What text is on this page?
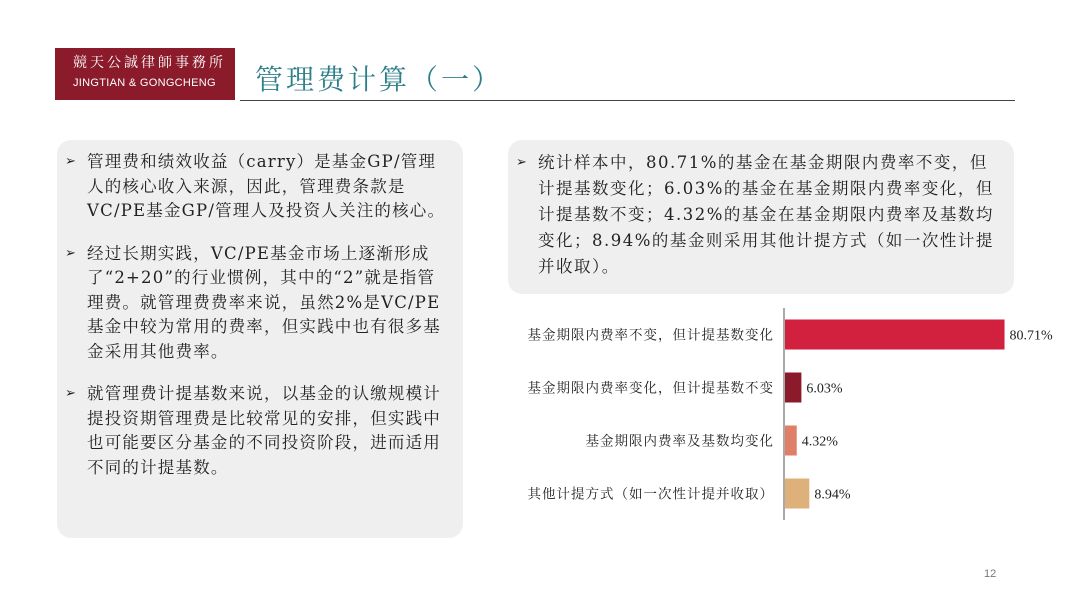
競天公誠律師事務所
JINGTIAN & GONGCHENG	管理费计算（一）
➢ 管理费和绩效收益（carry）是基金GP/管理人的核心收入来源，因此，管理费条款是VC/PE基金GP/管理人及投资人关注的核心。
➢ 经过长期实践，VC/PE基金市场上逐渐形成了“2+20”的行业惯例，其中的“2”就是指管理费。就管理费费率来说，虽然2%是VC/PE基金中较为常用的费率，但实践中也有很多基金采用其他费率。
➢ 就管理费计提基数来说，以基金的认缴规模计提投资期管理费是比较常见的安排，但实践中也可能要区分基金的不同投资阶段，进而适用不同的计提基数。
➢ 统计样本中，80.71%的基金在基金期限内费率不变，但计提基数变化；6.03%的基金在基金期限内费率变化，但计提基数不变；4.32%的基金在基金期限内费率及基数均变化；8.94%的基金则采用其他计提方式（如一次性计提并收取）。
基金期限内费率不变，但计提基数变化	80.71%
基金期限内费率变化，但计提基数不变 6.03%
基金期限内费率及基数均变化 4.32%
其他计提方式（如一次性计提并收取）	8.94%
12
